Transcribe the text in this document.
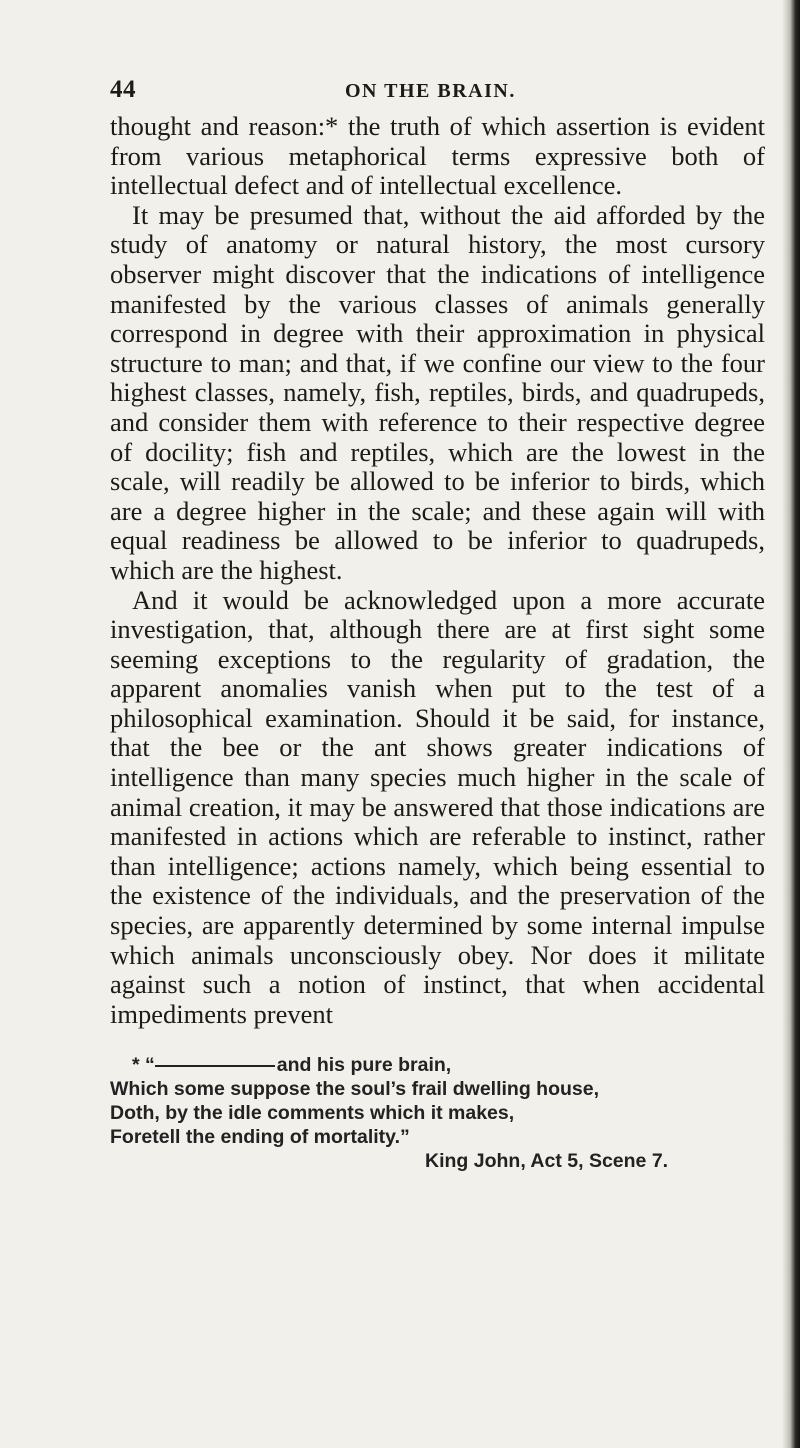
44	ON THE BRAIN.

thought and reason:* the truth of which assertion is evident from various metaphorical terms expressive both of intellectual defect and of intellectual excellence.

It may be presumed that, without the aid afforded by the study of anatomy or natural history, the most cursory observer might discover that the indications of intelligence manifested by the various classes of animals generally correspond in degree with their approximation in physical structure to man; and that, if we confine our view to the four highest classes, namely, fish, reptiles, birds, and quadrupeds, and consider them with reference to their respective degree of docility; fish and reptiles, which are the lowest in the scale, will readily be allowed to be inferior to birds, which are a degree higher in the scale; and these again will with equal readiness be allowed to be inferior to quadrupeds, which are the highest.

And it would be acknowledged upon a more accurate investigation, that, although there are at first sight some seeming exceptions to the regularity of gradation, the apparent anomalies vanish when put to the test of a philosophical examination. Should it be said, for instance, that the bee or the ant shows greater indications of intelligence than many species much higher in the scale of animal creation, it may be answered that those indications are manifested in actions which are referable to instinct, rather than intelligence; actions namely, which being essential to the existence of the individuals, and the preservation of the species, are apparently determined by some internal impulse which animals unconsciously obey. Nor does it militate against such a notion of instinct, that when accidental impediments prevent

* “	and his pure brain,
Which some suppose the soul’s frail dwelling house,
Doth, by the idle comments which it makes,
Foretell the ending of mortality.”
King John, Act 5, Scene 7.
